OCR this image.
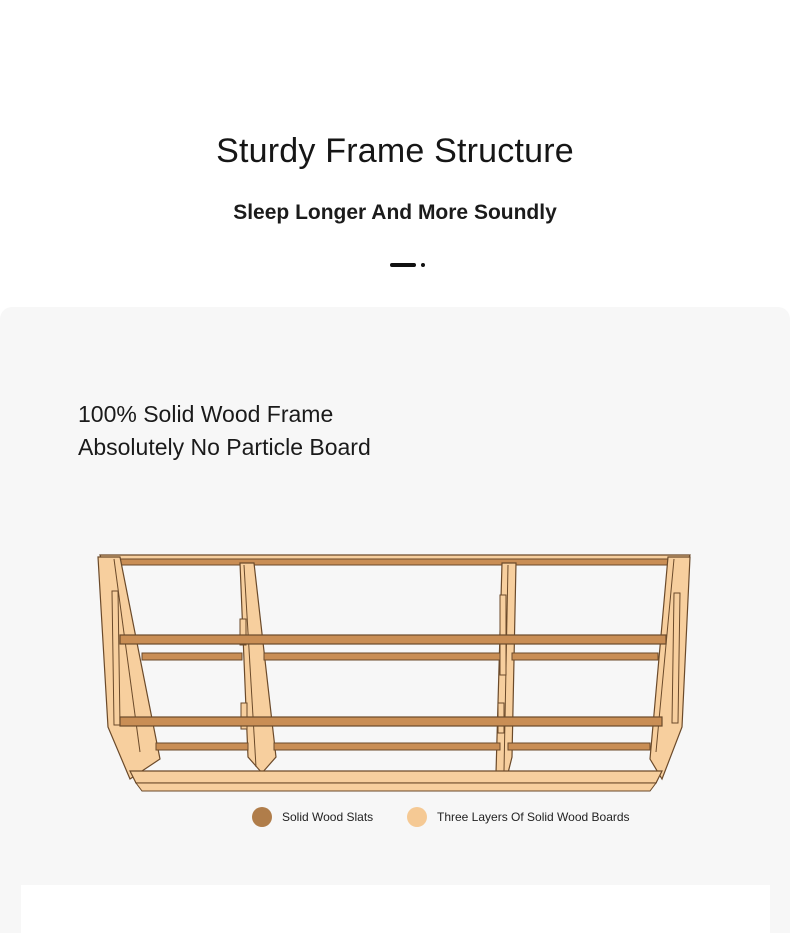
Sturdy Frame Structure
Sleep Longer And More Soundly
100% Solid Wood Frame
Absolutely No Particle Board
Solid Wood Slats	Three Layers Of Solid Wood Boards
